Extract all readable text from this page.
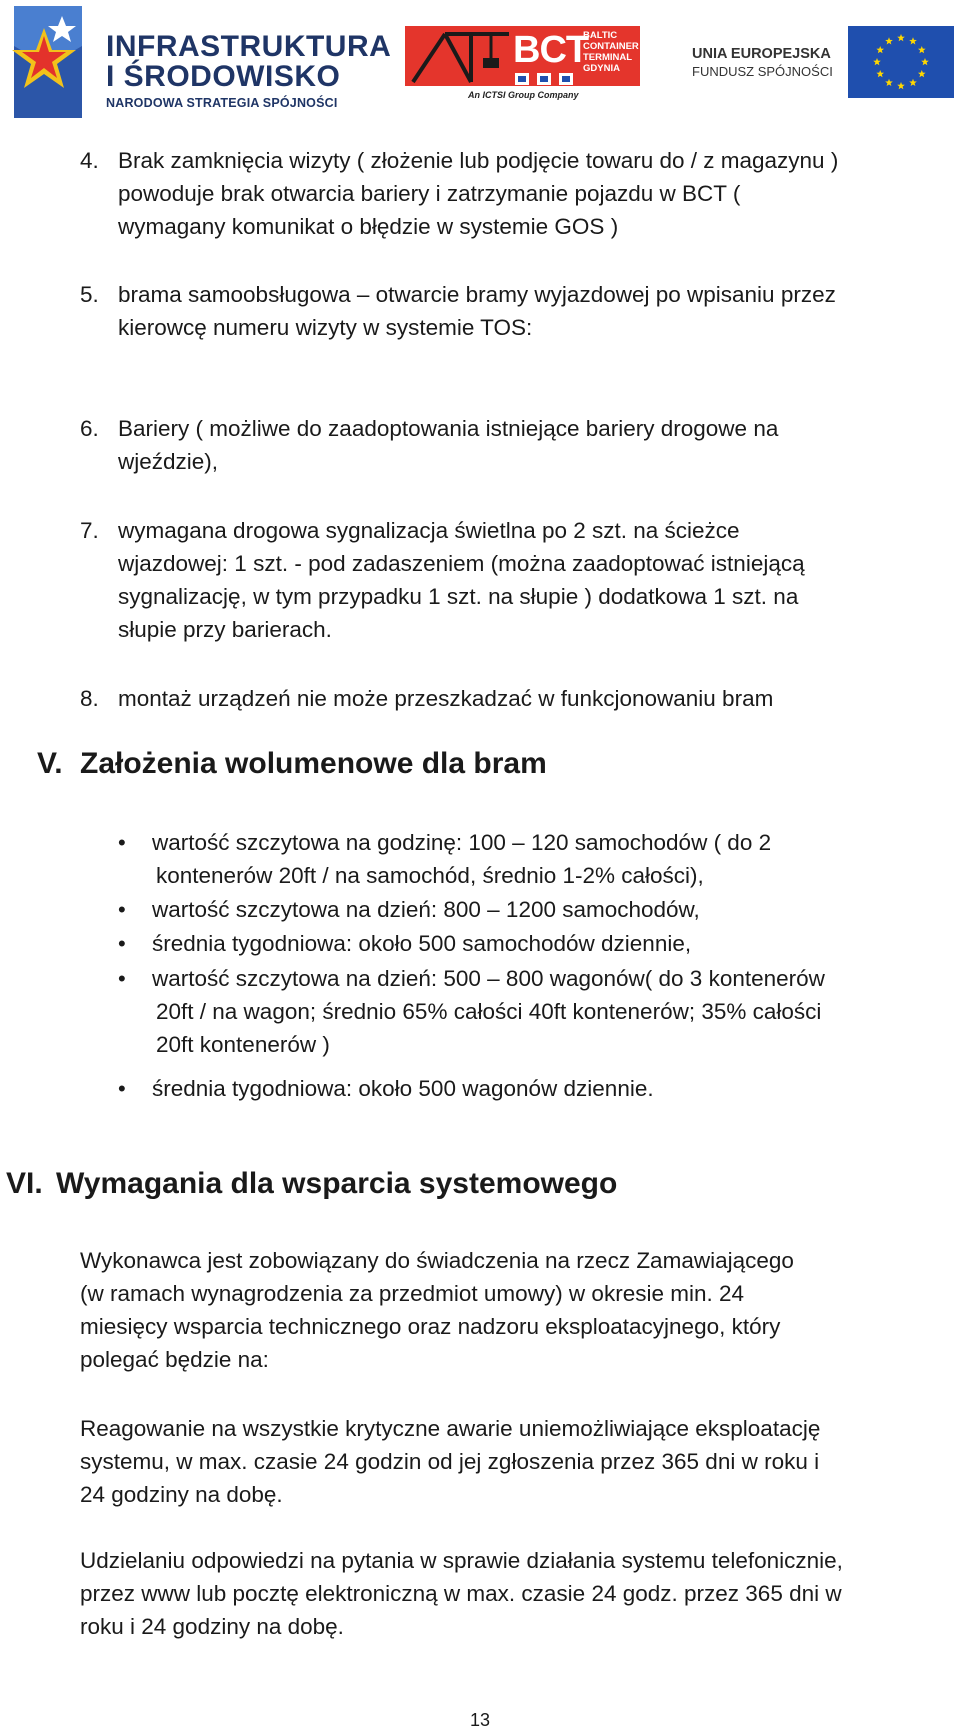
INFRASTRUKTURA
I ŚRODOWISKO
NARODOWA STRATEGIA SPÓJNOŚCI
BCT
BALTIC
CONTAINER
TERMINAL
GDYNIA
An ICTSI Group Company
UNIA EUROPEJSKA
FUNDUSZ SPÓJNOŚCI
4. Brak zamknięcia wizyty ( złożenie lub podjęcie towaru do / z magazynu )
powoduje brak otwarcia bariery i zatrzymanie pojazdu w BCT (
wymagany komunikat o błędzie w systemie GOS )
5. brama samoobsługowa – otwarcie bramy wyjazdowej po wpisaniu przez
kierowcę numeru wizyty w systemie TOS:
6. Bariery ( możliwe do zaadoptowania istniejące bariery drogowe na
wjeździe),
7. wymagana drogowa sygnalizacja świetlna po 2 szt. na ścieżce
wjazdowej: 1 szt. - pod zadaszeniem (można zaadoptować istniejącą
sygnalizację, w tym przypadku 1 szt. na słupie ) dodatkowa 1 szt. na
słupie przy barierach.
8. montaż urządzeń nie może przeszkadzać w funkcjonowaniu bram
V. Założenia wolumenowe dla bram
• wartość szczytowa na godzinę: 100 – 120 samochodów ( do 2
kontenerów 20ft / na samochód, średnio 1-2% całości),
• wartość szczytowa na dzień: 800 – 1200 samochodów,
• średnia tygodniowa: około 500 samochodów dziennie,
• wartość szczytowa na dzień: 500 – 800 wagonów( do 3 kontenerów
20ft / na wagon; średnio 65% całości 40ft kontenerów; 35% całości
20ft kontenerów )
• średnia tygodniowa: około 500 wagonów dziennie.
VI. Wymagania dla wsparcia systemowego
Wykonawca jest zobowiązany do świadczenia na rzecz Zamawiającego
(w ramach wynagrodzenia za przedmiot umowy) w okresie min. 24
miesięcy wsparcia technicznego oraz nadzoru eksploatacyjnego, który
polegać będzie na:
Reagowanie na wszystkie krytyczne awarie uniemożliwiające eksploatację
systemu, w max. czasie 24 godzin od jej zgłoszenia przez 365 dni w roku i
24 godziny na dobę.
Udzielaniu odpowiedzi na pytania w sprawie działania systemu telefonicznie,
przez www lub pocztę elektroniczną w max. czasie 24 godz. przez 365 dni w
roku i 24 godziny na dobę.
13
